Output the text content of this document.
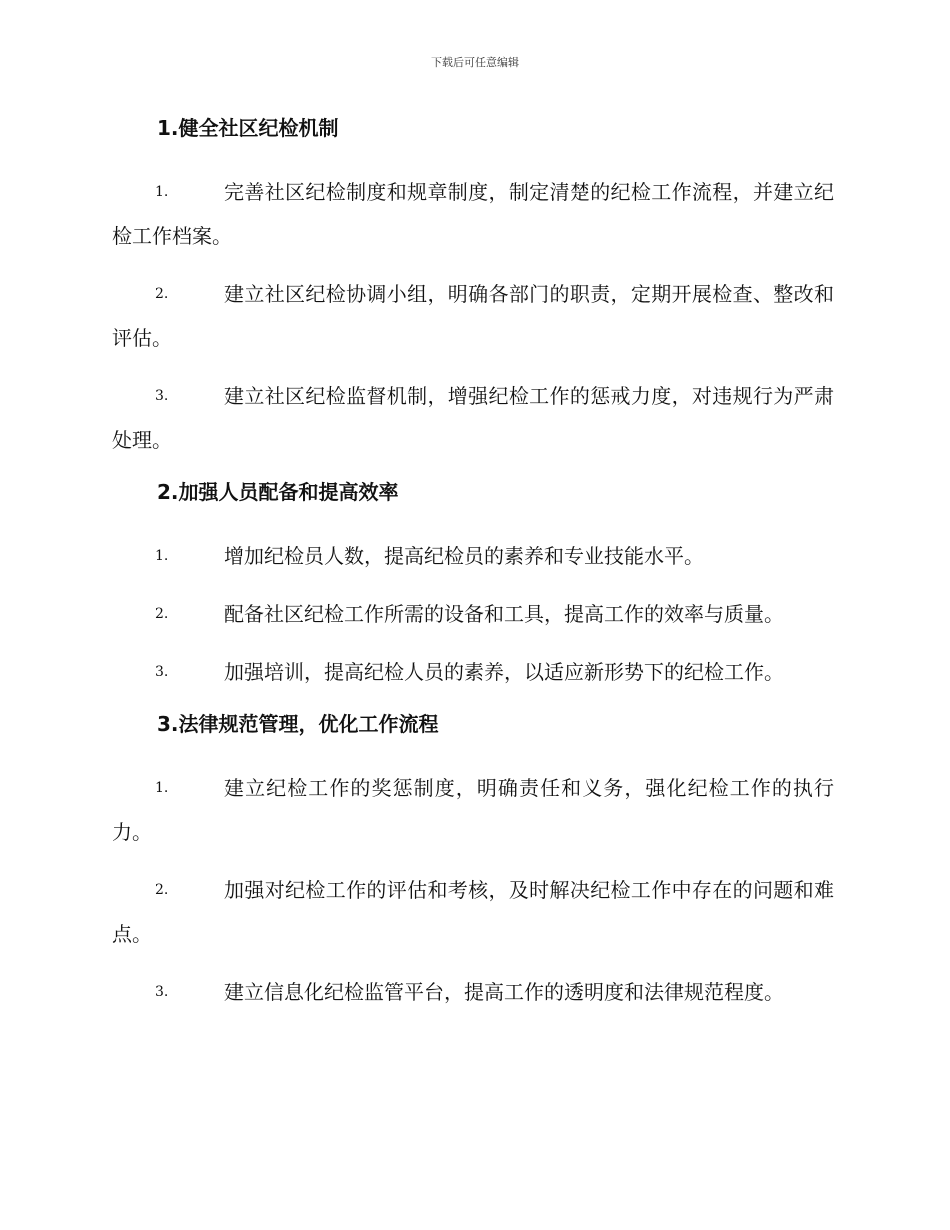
下载后可任意编辑
1.健全社区纪检机制
1.	完善社区纪检制度和规章制度，制定清楚的纪检工作流程，并建立纪检工作档案。
2.	建立社区纪检协调小组，明确各部门的职责，定期开展检查、整改和评估。
3.	建立社区纪检监督机制，增强纪检工作的惩戒力度，对违规行为严肃处理。
2.加强人员配备和提高效率
1.	增加纪检员人数，提高纪检员的素养和专业技能水平。
2.	配备社区纪检工作所需的设备和工具，提高工作的效率与质量。
3.	加强培训，提高纪检人员的素养，以适应新形势下的纪检工作。
3.法律规范管理，优化工作流程
1.	建立纪检工作的奖惩制度，明确责任和义务，强化纪检工作的执行力。
2.	加强对纪检工作的评估和考核，及时解决纪检工作中存在的问题和难点。
3.	建立信息化纪检监管平台，提高工作的透明度和法律规范程度。
